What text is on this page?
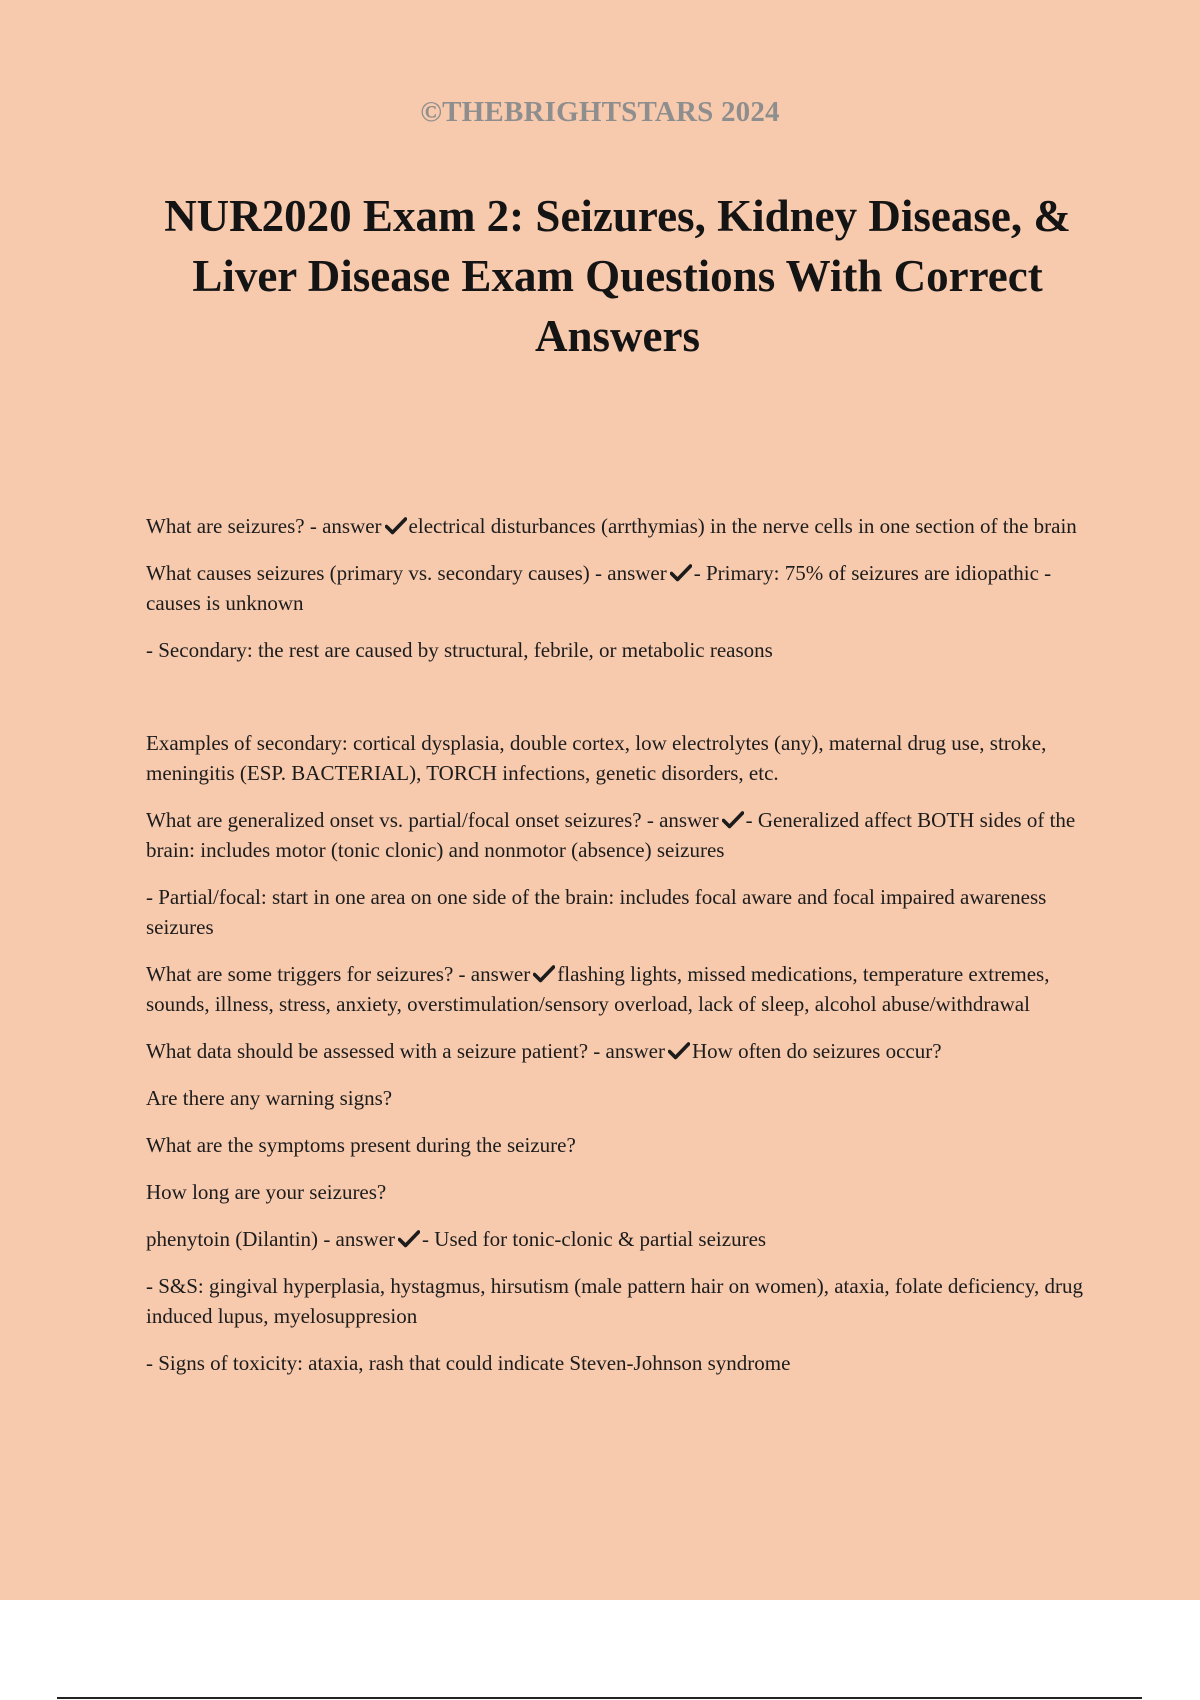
©THEBRIGHTSTARS 2024
NUR2020 Exam 2: Seizures, Kidney Disease, & Liver Disease Exam Questions With Correct Answers

What are seizures? - answer electrical disturbances (arrthymias) in the nerve cells in one section of the brain

What causes seizures (primary vs. secondary causes) - answer - Primary: 75% of seizures are idiopathic - causes is unknown

- Secondary: the rest are caused by structural, febrile, or metabolic reasons

Examples of secondary: cortical dysplasia, double cortex, low electrolytes (any), maternal drug use, stroke, meningitis (ESP. BACTERIAL), TORCH infections, genetic disorders, etc.

What are generalized onset vs. partial/focal onset seizures? - answer - Generalized affect BOTH sides of the brain: includes motor (tonic clonic) and nonmotor (absence) seizures

- Partial/focal: start in one area on one side of the brain: includes focal aware and focal impaired awareness seizures

What are some triggers for seizures? - answer flashing lights, missed medications, temperature extremes, sounds, illness, stress, anxiety, overstimulation/sensory overload, lack of sleep, alcohol abuse/withdrawal

What data should be assessed with a seizure patient? - answer How often do seizures occur?

Are there any warning signs?

What are the symptoms present during the seizure?

How long are your seizures?

phenytoin (Dilantin) - answer - Used for tonic-clonic & partial seizures

- S&S: gingival hyperplasia, hystagmus, hirsutism (male pattern hair on women), ataxia, folate deficiency, drug induced lupus, myelosuppresion

- Signs of toxicity: ataxia, rash that could indicate Steven-Johnson syndrome
